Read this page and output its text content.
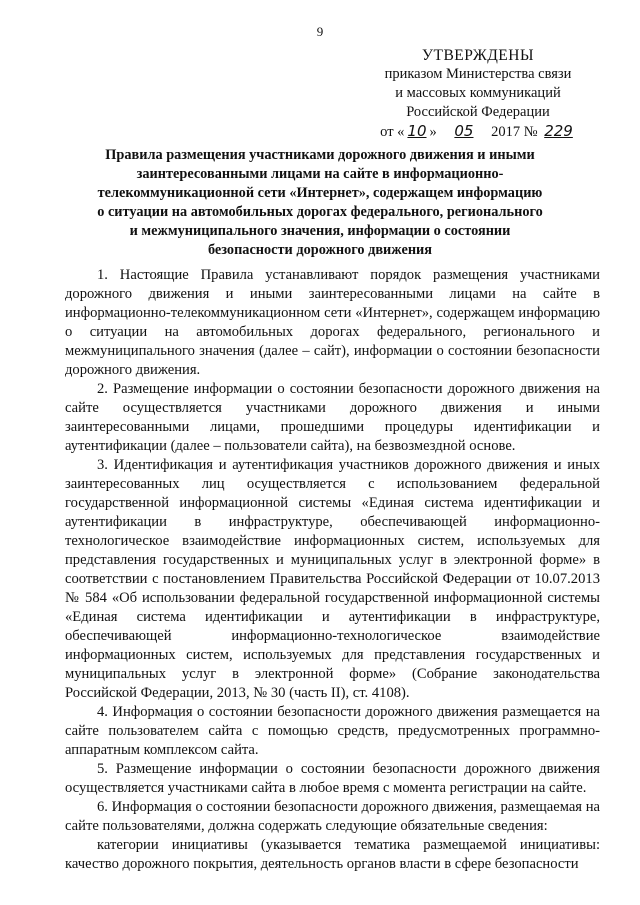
9
УТВЕРЖДЕНЫ
приказом Министерства связи
и массовых коммуникаций
Российской Федерации
от « 10 » 05 2017 № 229
Правила размещения участниками дорожного движения и иными заинтересованными лицами на сайте в информационно-телекоммуникационной сети «Интернет», содержащем информацию о ситуации на автомобильных дорогах федерального, регионального и межмуниципального значения, информации о состоянии безопасности дорожного движения

1. Настоящие Правила устанавливают порядок размещения участниками дорожного движения и иными заинтересованными лицами на сайте в информационно-телекоммуникационном сети «Интернет», содержащем информацию о ситуации на автомобильных дорогах федерального, регионального и межмуниципального значения (далее – сайт), информации о состоянии безопасности дорожного движения.

2. Размещение информации о состоянии безопасности дорожного движения на сайте осуществляется участниками дорожного движения и иными заинтересованными лицами, прошедшими процедуры идентификации и аутентификации (далее – пользователи сайта), на безвозмездной основе.

3. Идентификация и аутентификация участников дорожного движения и иных заинтересованных лиц осуществляется с использованием федеральной государственной информационной системы «Единая система идентификации и аутентификации в инфраструктуре, обеспечивающей информационно-технологическое взаимодействие информационных систем, используемых для представления государственных и муниципальных услуг в электронной форме» в соответствии с постановлением Правительства Российской Федерации от 10.07.2013 № 584 «Об использовании федеральной государственной информационной системы «Единая система идентификации и аутентификации в инфраструктуре, обеспечивающей информационно-технологическое взаимодействие информационных систем, используемых для представления государственных и муниципальных услуг в электронной форме» (Собрание законодательства Российской Федерации, 2013, № 30 (часть II), ст. 4108).

4. Информация о состоянии безопасности дорожного движения размещается на сайте пользователем сайта с помощью средств, предусмотренных программно-аппаратным комплексом сайта.

5. Размещение информации о состоянии безопасности дорожного движения осуществляется участниками сайта в любое время с момента регистрации на сайте.

6. Информация о состоянии безопасности дорожного движения, размещаемая на сайте пользователями, должна содержать следующие обязательные сведения:

категории инициативы (указывается тематика размещаемой инициативы: качество дорожного покрытия, деятельность органов власти в сфере безопасности
